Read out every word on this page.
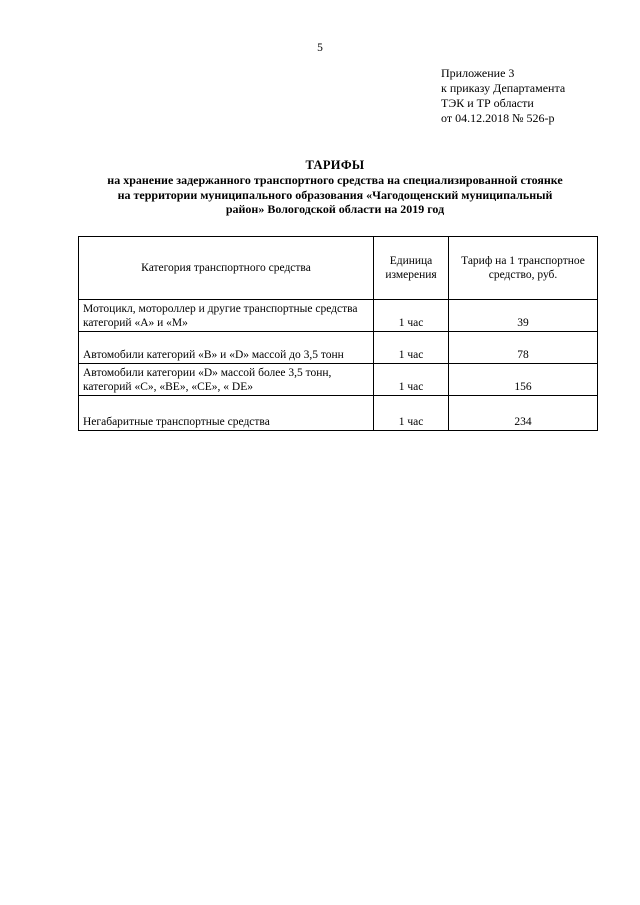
5
Приложение 3
к приказу Департамента
ТЭК и ТР области
от 04.12.2018 № 526-р
ТАРИФЫ
на хранение задержанного транспортного средства на специализированной стоянке
на территории муниципального образования «Чагодощенский муниципальный
район» Вологодской области на 2019 год
Категория транспортного средства	Единица измерения	Тариф на 1 транспортное средство, руб.
Мотоцикл, мотороллер и другие транспортные средства категорий «А» и «М»	1 час	39
Автомобили категорий «В» и «D» массой до 3,5 тонн	1 час	78
Автомобили категории «D» массой более 3,5 тонн, категорий «С», «ВЕ», «СЕ», « DE»	1 час	156
Негабаритные транспортные средства	1 час	234
